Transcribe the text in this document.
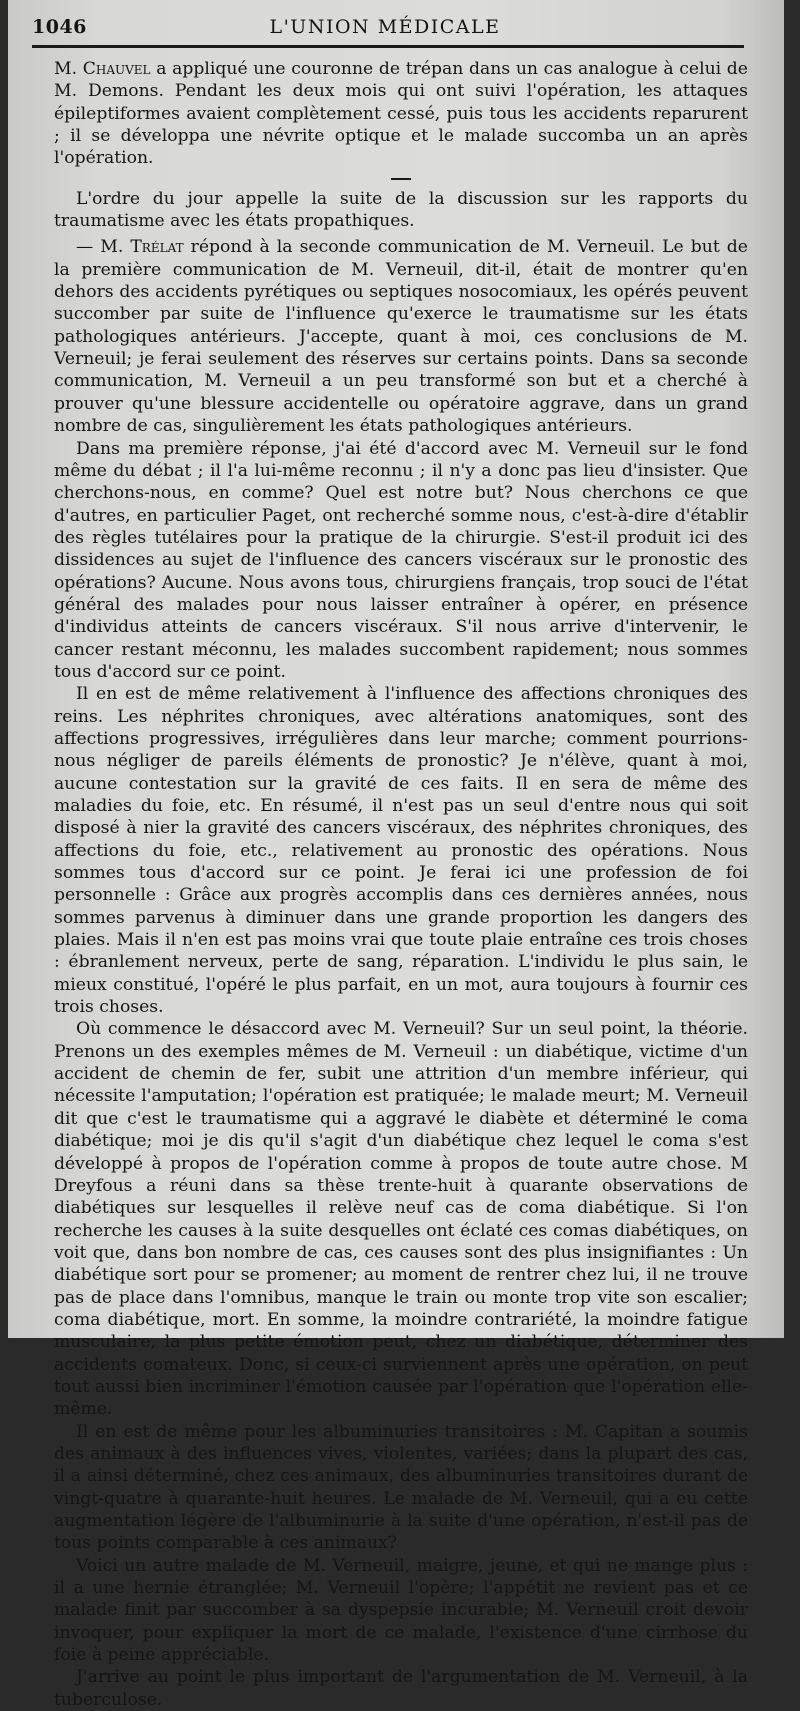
1046	L'UNION MÉDICALE

M. Chauvel a appliqué une couronne de trépan dans un cas analogue à celui de M. Demons. Pendant les deux mois qui ont suivi l'opération, les attaques épileptiformes avaient complètement cessé, puis tous les accidents reparurent ; il se développa une névrite optique et le malade succomba un an après l'opération.

L'ordre du jour appelle la suite de la discussion sur les rapports du traumatisme avec les états propathiques.

— M. Trélat répond à la seconde communication de M. Verneuil. Le but de la première communication de M. Verneuil, dit-il, était de montrer qu'en dehors des accidents pyrétiques ou septiques nosocomiaux, les opérés peuvent succomber par suite de l'influence qu'exerce le traumatisme sur les états pathologiques antérieurs. J'accepte, quant à moi, ces conclusions de M. Verneuil; je ferai seulement des réserves sur certains points. Dans sa seconde communication, M. Verneuil a un peu transformé son but et a cherché à prouver qu'une blessure accidentelle ou opératoire aggrave, dans un grand nombre de cas, singulièrement les états pathologiques antérieurs.

Dans ma première réponse, j'ai été d'accord avec M. Verneuil sur le fond même du débat ; il l'a lui-même reconnu ; il n'y a donc pas lieu d'insister. Que cherchons-nous, en comme? Quel est notre but? Nous cherchons ce que d'autres, en particulier Paget, ont recherché somme nous, c'est-à-dire d'établir des règles tutélaires pour la pratique de la chirurgie. S'est-il produit ici des dissidences au sujet de l'influence des cancers viscéraux sur le pronostic des opérations? Aucune. Nous avons tous, chirurgiens français, trop souci de l'état général des malades pour nous laisser entraîner à opérer, en présence d'individus atteints de cancers viscéraux. S'il nous arrive d'intervenir, le cancer restant méconnu, les malades succombent rapidement; nous sommes tous d'accord sur ce point.

Il en est de même relativement à l'influence des affections chroniques des reins. Les néphrites chroniques, avec altérations anatomiques, sont des affections progressives, irrégulières dans leur marche; comment pourrions-nous négliger de pareils éléments de pronostic? Je n'élève, quant à moi, aucune contestation sur la gravité de ces faits. Il en sera de même des maladies du foie, etc. En résumé, il n'est pas un seul d'entre nous qui soit disposé à nier la gravité des cancers viscéraux, des néphrites chroniques, des affections du foie, etc., relativement au pronostic des opérations. Nous sommes tous d'accord sur ce point. Je ferai ici une profession de foi personnelle : Grâce aux progrès accomplis dans ces dernières années, nous sommes parvenus à diminuer dans une grande proportion les dangers des plaies. Mais il n'en est pas moins vrai que toute plaie entraîne ces trois choses : ébranlement nerveux, perte de sang, réparation. L'individu le plus sain, le mieux constitué, l'opéré le plus parfait, en un mot, aura toujours à fournir ces trois choses.

Où commence le désaccord avec M. Verneuil? Sur un seul point, la théorie. Prenons un des exemples mêmes de M. Verneuil : un diabétique, victime d'un accident de chemin de fer, subit une attrition d'un membre inférieur, qui nécessite l'amputation; l'opération est pratiquée; le malade meurt; M. Verneuil dit que c'est le traumatisme qui a aggravé le diabète et déterminé le coma diabétique; moi je dis qu'il s'agit d'un diabétique chez lequel le coma s'est développé à propos de l'opération comme à propos de toute autre chose. M Dreyfous a réuni dans sa thèse trente-huit à quarante observations de diabétiques sur lesquelles il relève neuf cas de coma diabétique. Si l'on recherche les causes à la suite desquelles ont éclaté ces comas diabétiques, on voit que, dans bon nombre de cas, ces causes sont des plus insignifiantes : Un diabétique sort pour se promener; au moment de rentrer chez lui, il ne trouve pas de place dans l'omnibus, manque le train ou monte trop vite son escalier; coma diabétique, mort. En somme, la moindre contrariété, la moindre fatigue musculaire, la plus petite émotion peut, chez un diabétique, déterminer des accidents comateux. Donc, si ceux-ci surviennent après une opération, on peut tout aussi bien incriminer l'émotion causée par l'opération que l'opération elle-même.

Il en est de même pour les albuminuries transitoires : M. Capitan a soumis des animaux à des influences vives, violentes, variées; dans la plupart des cas, il a ainsi déterminé, chez ces animaux, des albuminuries transitoires durant de vingt-quatre à quarante-huit heures. Le malade de M. Verneuil, qui a eu cette augmentation légère de l'albuminurie à la suite d'une opération, n'est-il pas de tous points comparable à ces animaux?

Voici un autre malade de M. Verneuil, maigre, jeune, et qui ne mange plus : il a une hernie étranglée; M. Verneuil l'opère; l'appétit ne revient pas et ce malade finit par succomber à sa dyspepsie incurable; M. Verneuil croit devoir invoquer, pour expliquer la mort de ce malade, l'existence d'une cirrhose du foie à peine appréciable.

J'arrive au point le plus important de l'argumentation de M. Verneuil, à la tuberculose.
